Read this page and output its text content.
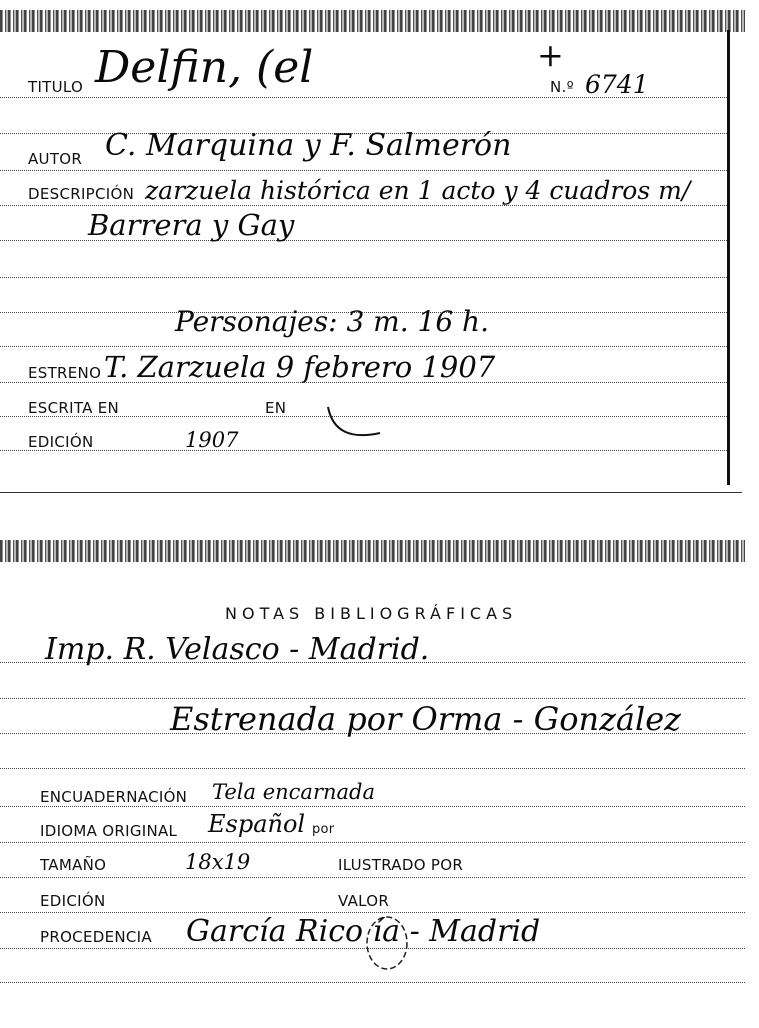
TITULO Delfin, (el	+
N.º 6741
AUTOR C. Marquina y F. Salmerón
DESCRIPCIÓN zarzuela histórica en 1 acto y 4 cuadros m/
Barrera y Gay
Personajes: 3 m. 16 h.
ESTRENO T. Zarzuela 9 febrero 1907
ESCRITA EN	EN
EDICIÓN	1907
NOTAS BIBLIOGRÁFICAS
Imp. R. Velasco - Madrid.
Estrenada por Orma - González
ENCUADERNACIÓN Tela encarnada
IDIOMA ORIGINAL Español por
TAMAÑO	18x19	ILUSTRADO POR
EDICIÓN	VALOR
PROCEDENCIA García Rico ía - Madrid
